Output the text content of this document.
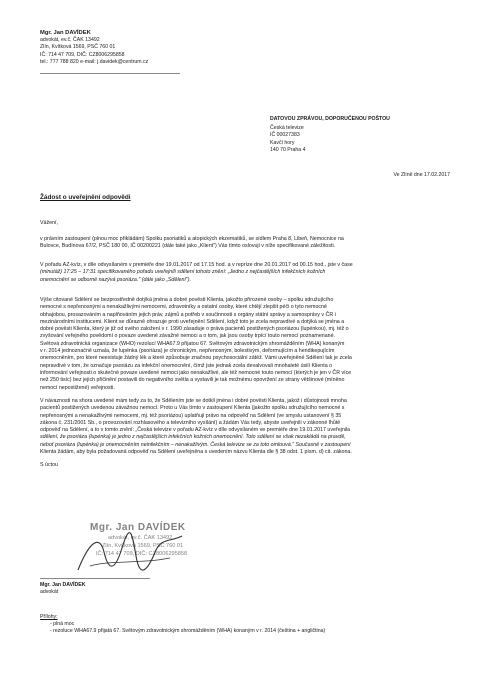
Mgr. Jan DAVÍDEK
advokát, ev.č. ČAK 13492
Zlín, Kvítková 1569, PSČ 760 01
IČ: 714 47 709, DIČ: CZ8006295858
tel.: 777 788 820 e-mail: j.davidek@centrum.cz
DATOVOU ZPRÁVOU, DOPORUČENOU POŠTOU
Česká televize
IČ 00027383
Kavčí hory
140 70 Praha 4
Ve Zlíně dne 17.02.2017
Žádost o uveřejnění odpovědi
Vážení,
v právním zastoupení (plnou moc přikládám) Spolku psoriatiků a atopických ekzematiků, se sídlem Praha 8, Libeň, Nemocnice na
Bulovce, Budínova 67/2, PSČ 180 00, IČ 00200221 (dále také jako „Klient") Vás tímto oslovuji v níže specifikované záležitosti.
V pořadu AZ-kvíz, v díle odvysílaném v premiéře dne 19.01.2017 od 17.15 hod. a v reprízе dne 20.01.2017 od 00.15 hod., jste v čase
(minutáž) 17:25 – 17:31 specifikovaného pořadu uveřejnili sdělení tohoto znění: „Jedno z nejčastějších infekčních kožních
onemocnění se odborně nazývá psoriáza." (dále jako „Sdělení").
Výše citované Sdělení se bezprostředně dotýká jména a dobré pověsti Klienta, jakožto přirozené osoby – spolku sdružujícího
nemocné s nepřenosnými a nenakažlivými nemocemi, zdravotníky a ostatní osoby, které chtějí zlepšit péči o tyto nemocné
obhajobou, prosazováním a naplňováním jejich práv, zájmů a potřeb v součinnosti s orgány státní správy a samosprávy v ČR i
mezinárodními institucemi. Klient se důrazně ohrazuje proti uveřejnění Sdělení, když toto je zcela nepravdivé a dotýká se jména a
dobré pověsti Klienta, který je již od svého založení v r. 1990 zásaduje o práva pacientů postižených psoriázou (lupénkou), mj. též o
zvyšování veřejného povědomí o povaze uvedené závažné nemoci a o tom, jak jsou osoby trpící touto nemocí poznamenané.
Světová zdravotnická organizace (WHO) rezolucí WHA67.9 přijatou 67. Světovým zdravotnickým shromážděním (WHA) konaným
v r. 2014 jednoznačně uznala, že lupénka (psoriáza) je chronickým, nepřenosným, bolestivým, deformujícím a hendikepujícím
onemocněním, pro které neexistuje žádný lék a které způsobuje značnou psychosociální zátěž. Vámi uveřejněné Sdělení tak je zcela
nepravdivé v tom, že označuje psoriázu za infekční onemocnění, čímž jste jednak zcela devalvovali mnohaleté úsilí Klienta o
informování veřejnosti o skutečné povaze uvedené nemoci jako nenakažlivé, ale též nemocné touto nemocí (kterých je jen v ČR více
než 250 tisíc) bez jejich přičinění postavili do negativního světla a vystavili je tak možnému opovržení ze strany většinové (míněno
nemocí nepostižené) veřejnosti.
V návaznosti na shora uvedené mám tedy za to, že Sdělením jste se dotkli jména i dobré pověsti Klienta, jakož i důstojnosti mnoha
pacientů postižených uvedenou závažnou nemocí. Proto u Vás tímto v zastoupení Klienta (jakožto spolku sdružujícího nemocné s
nepřenosnými a nenakažlivými nemocemi, mj. též psoriázou) uplatňuji právo na odpověď na Sdělení (ve smyslu ustanovení § 35
zákona č. 231/2001 Sb., o provozování rozhlasového a televizního vysílání) a žádám Vás tedy, abyste uveřejnili v zákonné lhůtě
odpověď na Sdělení, a to v tomto znění: „Česká televize v pořadu AZ-kvíz v díle odvysílaném ve premiéře dne 19.01.2017 uveřejnila
sdělení, že psoriáza (lupénka) je jedno z nejčastějších infekčních kožních onemocnění. Toto sdělení se však nezakládá na pravdě,
neboť psoriáza (lupénka) je onemocněním neinfekčním – nenakažlivým. Česká televize se za toto omlouvá." Současně v zastoupení
Klienta žádám, aby byla požadovaná odpověď na Sdělení uveřejněna s uvedením názvu Klienta dle § 38 odst. 1 písm. d) cit. zákona.
S úctou
Mgr. Jan DAVÍDEK
advokát, ev.č. ČAK 13492
Zlín, Kvítková 1569, PSČ 760 01
IČ: 714 47 709, DIČ: CZ8006295858
Mgr. Jan DAVÍDEK
advokát
Přílohy:
- plná moc
- rezoluce WHA67.9 přijatá 67. Světovým zdravotnickým shromážděním (WHA) konaným v r. 2014 (čeština + angličtina)
